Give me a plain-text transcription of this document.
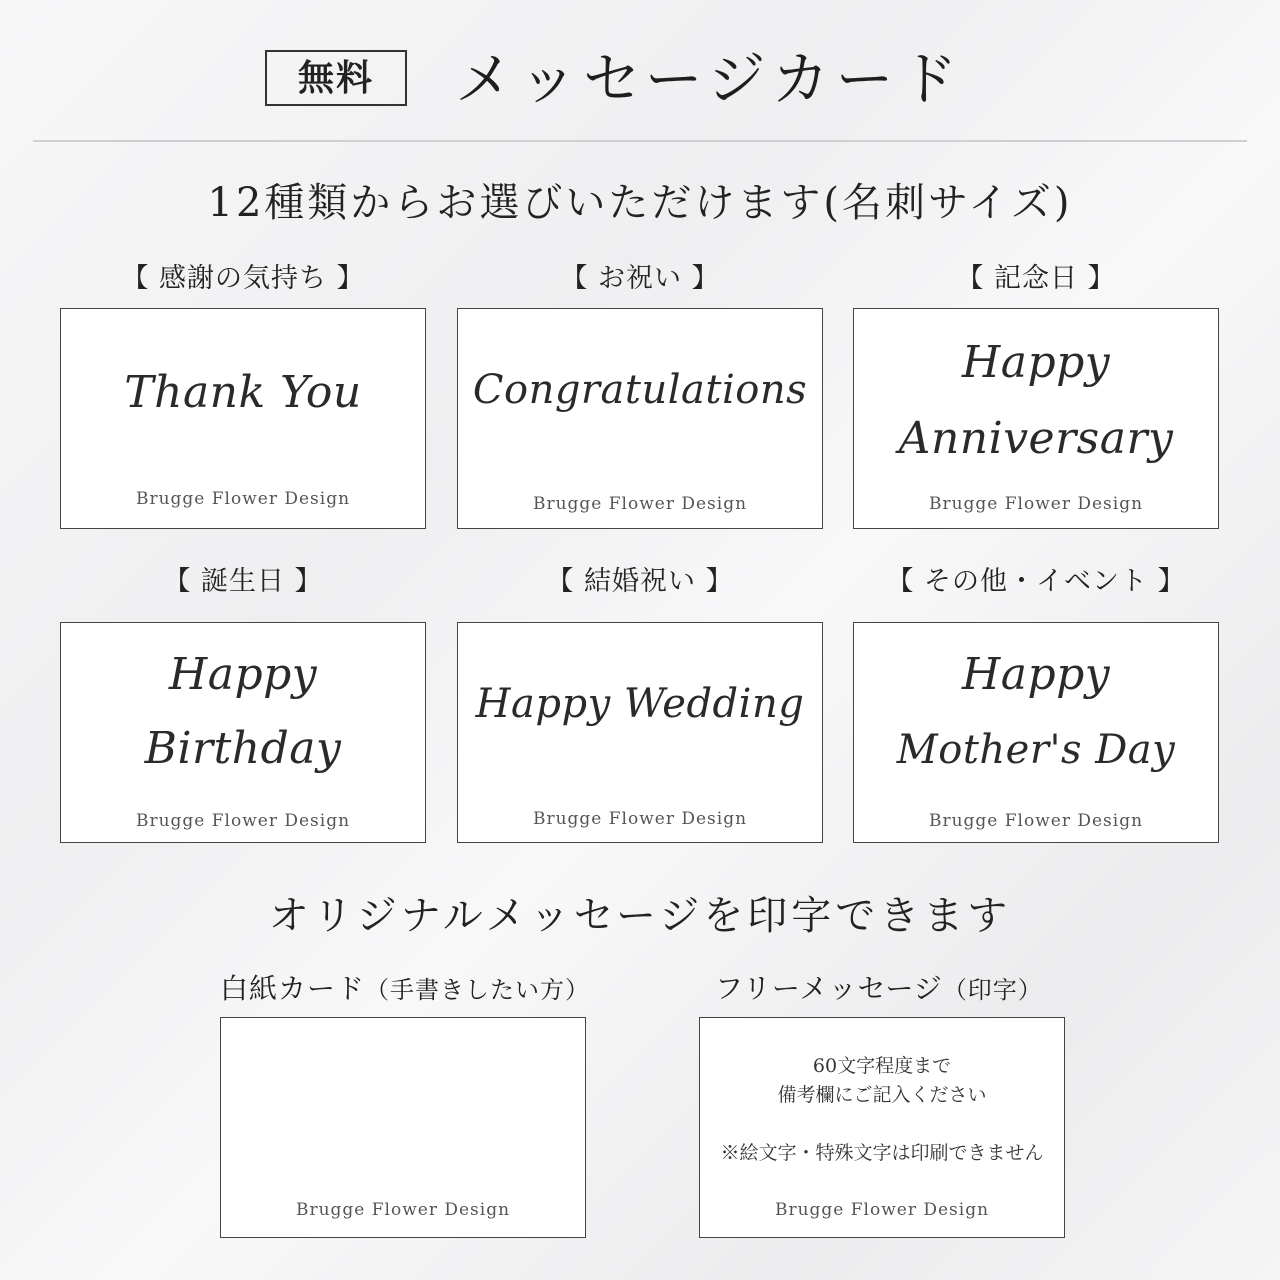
無料	メッセージカード
12種類からお選びいただけます(名刺サイズ)
【 感謝の気持ち 】
Thank You
Brugge Flower Design
【 お祝い 】
Congratulations
Brugge Flower Design
【 記念日 】
Happy
Anniversary
Brugge Flower Design
【 誕生日 】
Happy
Birthday
Brugge Flower Design
【 結婚祝い 】
Happy Wedding
Brugge Flower Design
【 その他・イベント 】
Happy
Mother's Day
Brugge Flower Design
オリジナルメッセージを印字できます
白紙カード（手書きしたい方）
Brugge Flower Design
フリーメッセージ（印字）
60文字程度まで
備考欄にご記入ください
※絵文字・特殊文字は印刷できません
Brugge Flower Design
